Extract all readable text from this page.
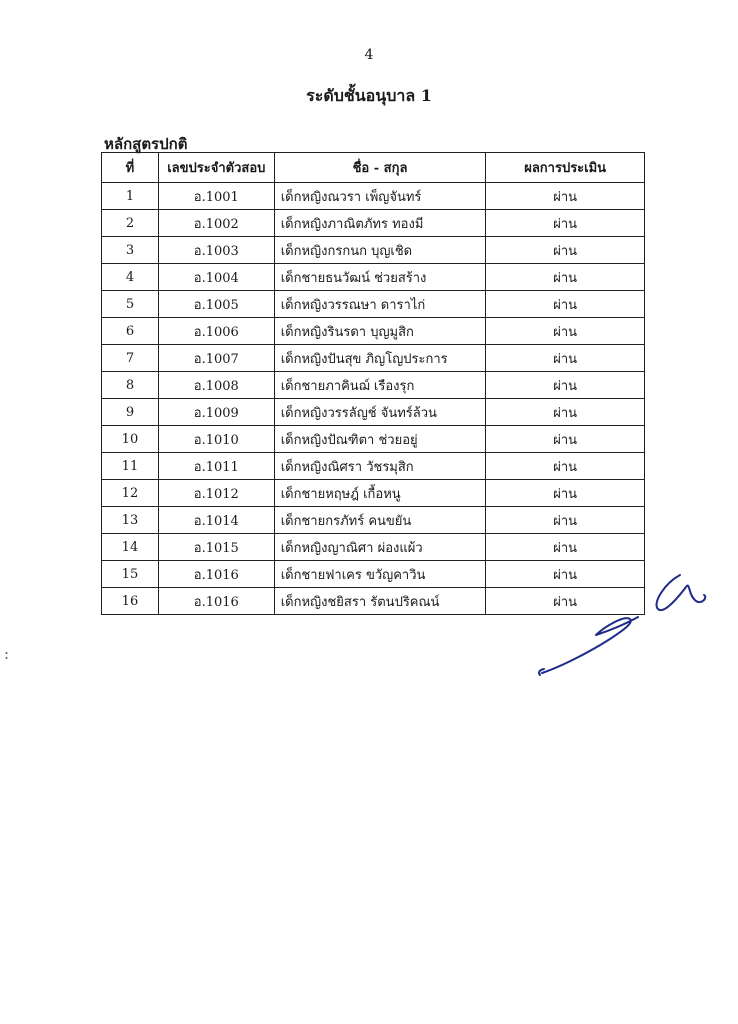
4
ระดับชั้นอนุบาล 1
หลักสูตรปกติ
ที่	เลขประจำตัวสอบ	ชื่อ - สกุล	ผลการประเมิน
1	อ.1001	เด็กหญิงณวรา เพ็ญจันทร์	ผ่าน
2	อ.1002	เด็กหญิงภาณิตภัทร ทองมี	ผ่าน
3	อ.1003	เด็กหญิงกรกนก บุญเชิด	ผ่าน
4	อ.1004	เด็กชายธนวัฒน์ ช่วยสร้าง	ผ่าน
5	อ.1005	เด็กหญิงวรรณษา ดาราไก่	ผ่าน
6	อ.1006	เด็กหญิงรินรดา บุญมูสิก	ผ่าน
7	อ.1007	เด็กหญิงปันสุข ภิญโญประการ	ผ่าน
8	อ.1008	เด็กชายภาคินฌ์ เรืองรุก	ผ่าน
9	อ.1009	เด็กหญิงวรรลัญช์ จันทร์ล้วน	ผ่าน
10	อ.1010	เด็กหญิงปัณฑิตา ช่วยอยู่	ผ่าน
11	อ.1011	เด็กหญิงณิศรา วัชรมุสิก	ผ่าน
12	อ.1012	เด็กชายหฤษฎ์ เกื้อหนู	ผ่าน
13	อ.1014	เด็กชายกรภัทร์ คนขยัน	ผ่าน
14	อ.1015	เด็กหญิงญาณิศา ผ่องแผ้ว	ผ่าน
15	อ.1016	เด็กชายฟาเคร ขวัญคาวิน	ผ่าน
16	อ.1016	เด็กหญิงชยิสรา รัตนปริคณน์	ผ่าน
